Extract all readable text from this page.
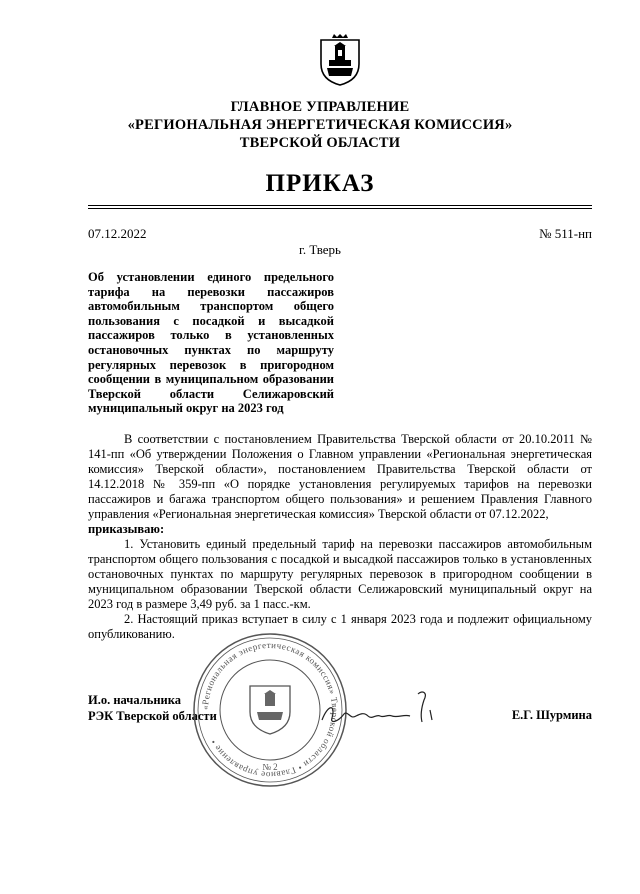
ГЛАВНОЕ УПРАВЛЕНИЕ
«РЕГИОНАЛЬНАЯ ЭНЕРГЕТИЧЕСКАЯ КОМИССИЯ»
ТВЕРСКОЙ ОБЛАСТИ
ПРИКАЗ
07.12.2022	№ 511-нп
г. Тверь
Об установлении единого предельного
тарифа на перевозки пассажиров
автомобильным транспортом общего
пользования с посадкой и высадкой
пассажиров только в установленных
остановочных пунктах по маршруту
регулярных перевозок в пригородном
сообщении в муниципальном образовании
Тверской области Селижаровский
муниципальный округ на 2023 год

В соответствии с постановлением Правительства Тверской области от 20.10.2011 № 141-пп «Об утверждении Положения о Главном управлении «Региональная энергетическая комиссия» Тверской области», постановлением Правительства Тверской области от 14.12.2018 № 359-пп «О порядке установления регулируемых тарифов на перевозки пассажиров и багажа транспортом общего пользования» и решением Правления Главного управления «Региональная энергетическая комиссия» Тверской области от 07.12.2022,

приказываю:

1. Установить единый предельный тариф на перевозки пассажиров автомобильным транспортом общего пользования с посадкой и высадкой пассажиров только в установленных остановочных пунктах по маршруту регулярных перевозок в пригородном сообщении в муниципальном образовании Тверской области Селижаровский муниципальный округ на 2023 год в размере 3,49 руб. за 1 пасс.-км.

2. Настоящий приказ вступает в силу с 1 января 2023 года и подлежит официальному опубликованию.

И.о. начальника
РЭК Тверской области	Е.Г. Шурмина
«Региональная энергетическая комиссия» Тверской области • Главное управление •
№ 2
